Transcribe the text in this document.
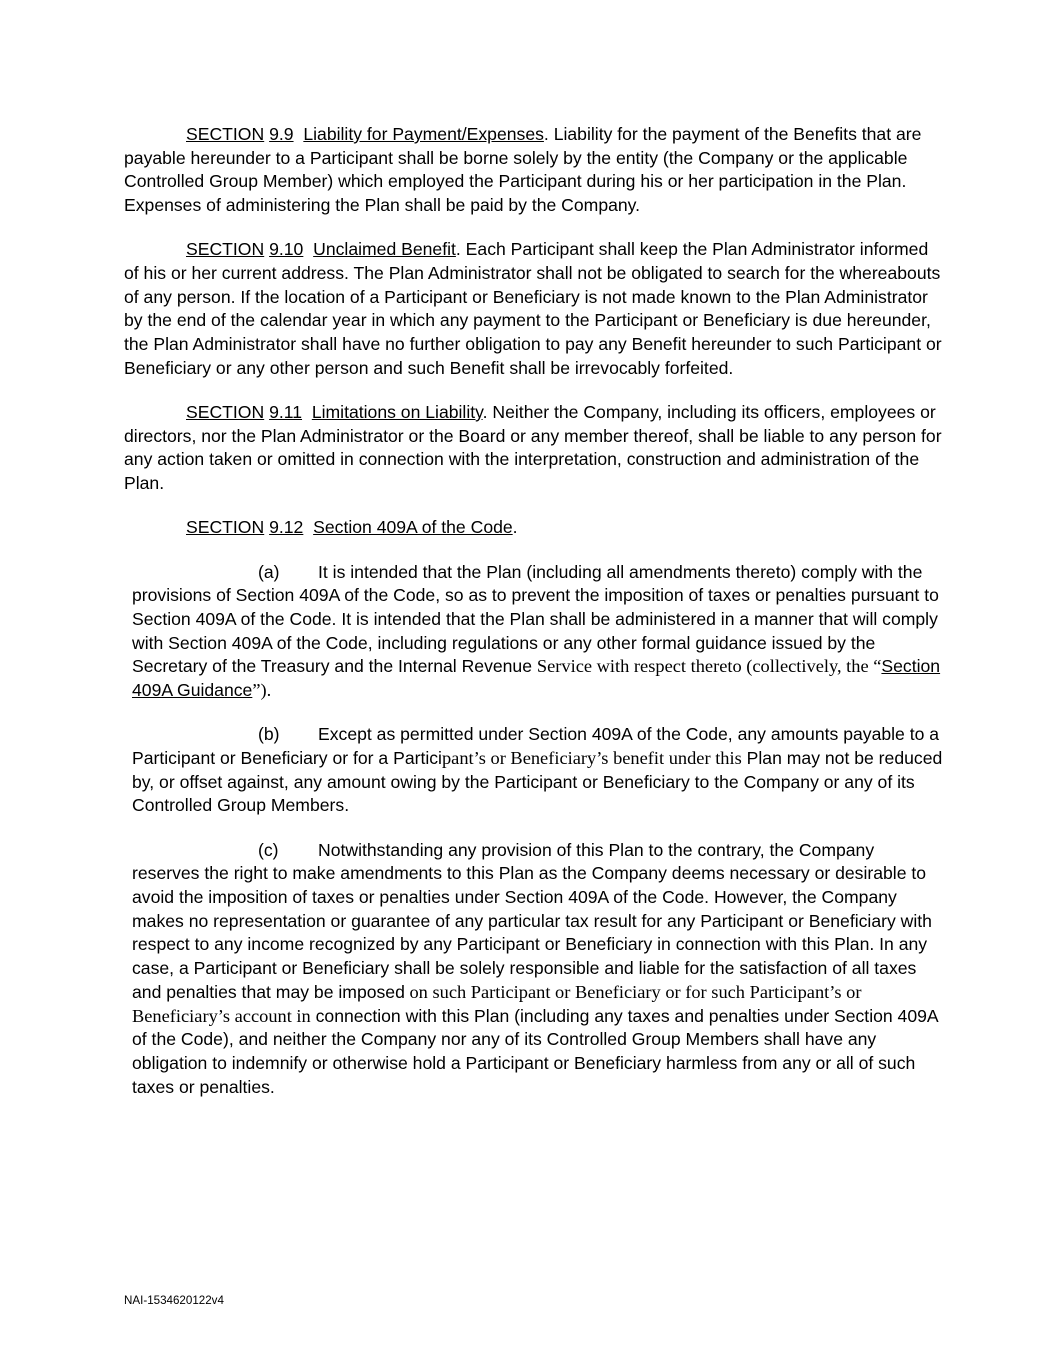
SECTION 9.9 Liability for Payment/Expenses. Liability for the payment of the Benefits that are payable hereunder to a Participant shall be borne solely by the entity (the Company or the applicable Controlled Group Member) which employed the Participant during his or her participation in the Plan. Expenses of administering the Plan shall be paid by the Company.

SECTION 9.10 Unclaimed Benefit. Each Participant shall keep the Plan Administrator informed of his or her current address. The Plan Administrator shall not be obligated to search for the whereabouts of any person. If the location of a Participant or Beneficiary is not made known to the Plan Administrator by the end of the calendar year in which any payment to the Participant or Beneficiary is due hereunder, the Plan Administrator shall have no further obligation to pay any Benefit hereunder to such Participant or Beneficiary or any other person and such Benefit shall be irrevocably forfeited.

SECTION 9.11 Limitations on Liability. Neither the Company, including its officers, employees or directors, nor the Plan Administrator or the Board or any member thereof, shall be liable to any person for any action taken or omitted in connection with the interpretation, construction and administration of the Plan.

SECTION 9.12 Section 409A of the Code.

(a) It is intended that the Plan (including all amendments thereto) comply with the provisions of Section 409A of the Code, so as to prevent the imposition of taxes or penalties pursuant to Section 409A of the Code. It is intended that the Plan shall be administered in a manner that will comply with Section 409A of the Code, including regulations or any other formal guidance issued by the Secretary of the Treasury and the Internal Revenue Service with respect thereto (collectively, the “Section 409A Guidance”).

(b) Except as permitted under Section 409A of the Code, any amounts payable to a Participant or Beneficiary or for a Participant’s or Beneficiary’s benefit under this Plan may not be reduced by, or offset against, any amount owing by the Participant or Beneficiary to the Company or any of its Controlled Group Members.

(c) Notwithstanding any provision of this Plan to the contrary, the Company reserves the right to make amendments to this Plan as the Company deems necessary or desirable to avoid the imposition of taxes or penalties under Section 409A of the Code. However, the Company makes no representation or guarantee of any particular tax result for any Participant or Beneficiary with respect to any income recognized by any Participant or Beneficiary in connection with this Plan. In any case, a Participant or Beneficiary shall be solely responsible and liable for the satisfaction of all taxes and penalties that may be imposed on such Participant or Beneficiary or for such Participant’s or Beneficiary’s account in connection with this Plan (including any taxes and penalties under Section 409A of the Code), and neither the Company nor any of its Controlled Group Members shall have any obligation to indemnify or otherwise hold a Participant or Beneficiary harmless from any or all of such taxes or penalties.

NAI-1534620122v4
